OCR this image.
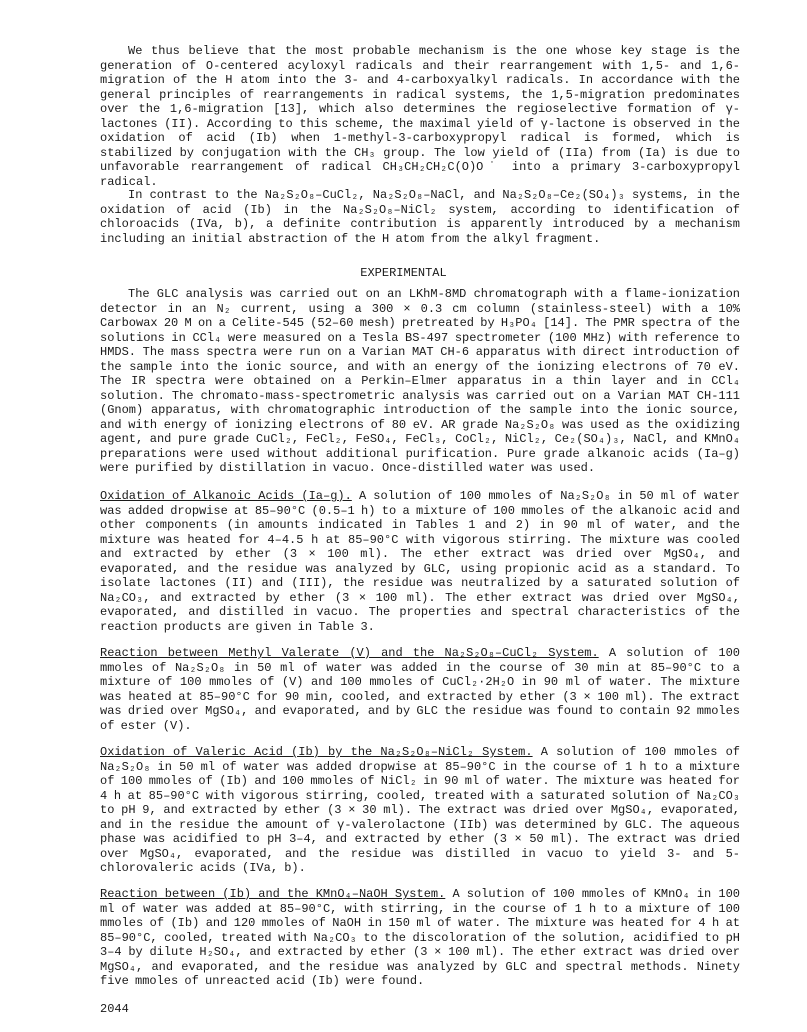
We thus believe that the most probable mechanism is the one whose key stage is the generation of O-centered acyloxyl radicals and their rearrangement with 1,5- and 1,6-migration of the H atom into the 3- and 4-carboxyalkyl radicals. In accordance with the general principles of rearrangements in radical systems, the 1,5-migration predominates over the 1,6-migration [13], which also determines the regioselective formation of γ-lactones (II). According to this scheme, the maximal yield of γ-lactone is observed in the oxidation of acid (Ib) when 1-methyl-3-carboxypropyl radical is formed, which is stabilized by conjugation with the CH₃ group. The low yield of (IIa) from (Ia) is due to unfavorable rearrangement of radical CH₃CH₂CH₂C(O)O˙ into a primary 3-carboxypropyl radical.

In contrast to the Na₂S₂O₈–CuCl₂, Na₂S₂O₈–NaCl, and Na₂S₂O₈–Ce₂(SO₄)₃ systems, in the oxidation of acid (Ib) in the Na₂S₂O₈–NiCl₂ system, according to identification of chloroacids (IVa, b), a definite contribution is apparently introduced by a mechanism including an initial abstraction of the H atom from the alkyl fragment.

EXPERIMENTAL

The GLC analysis was carried out on an LKhM-8MD chromatograph with a flame-ionization detector in an N₂ current, using a 300 × 0.3 cm column (stainless-steel) with a 10% Carbowax 20 M on a Celite-545 (52–60 mesh) pretreated by H₃PO₄ [14]. The PMR spectra of the solutions in CCl₄ were measured on a Tesla BS-497 spectrometer (100 MHz) with reference to HMDS. The mass spectra were run on a Varian MAT CH-6 apparatus with direct introduction of the sample into the ionic source, and with an energy of the ionizing electrons of 70 eV. The IR spectra were obtained on a Perkin–Elmer apparatus in a thin layer and in CCl₄ solution. The chromato-mass-spectrometric analysis was carried out on a Varian MAT CH-111 (Gnom) apparatus, with chromatographic introduction of the sample into the ionic source, and with energy of ionizing electrons of 80 eV. AR grade Na₂S₂O₈ was used as the oxidizing agent, and pure grade CuCl₂, FeCl₂, FeSO₄, FeCl₃, CoCl₂, NiCl₂, Ce₂(SO₄)₃, NaCl, and KMnO₄ preparations were used without additional purification. Pure grade alkanoic acids (Ia–g) were purified by distillation in vacuo. Once-distilled water was used.

Oxidation of Alkanoic Acids (Ia–g). A solution of 100 mmoles of Na₂S₂O₈ in 50 ml of water was added dropwise at 85–90°C (0.5–1 h) to a mixture of 100 mmoles of the alkanoic acid and other components (in amounts indicated in Tables 1 and 2) in 90 ml of water, and the mixture was heated for 4–4.5 h at 85–90°C with vigorous stirring. The mixture was cooled and extracted by ether (3 × 100 ml). The ether extract was dried over MgSO₄, and evaporated, and the residue was analyzed by GLC, using propionic acid as a standard. To isolate lactones (II) and (III), the residue was neutralized by a saturated solution of Na₂CO₃, and extracted by ether (3 × 100 ml). The ether extract was dried over MgSO₄, evaporated, and distilled in vacuo. The properties and spectral characteristics of the reaction products are given in Table 3.

Reaction between Methyl Valerate (V) and the Na₂S₂O₈–CuCl₂ System. A solution of 100 mmoles of Na₂S₂O₈ in 50 ml of water was added in the course of 30 min at 85–90°C to a mixture of 100 mmoles of (V) and 100 mmoles of CuCl₂·2H₂O in 90 ml of water. The mixture was heated at 85–90°C for 90 min, cooled, and extracted by ether (3 × 100 ml). The extract was dried over MgSO₄, and evaporated, and by GLC the residue was found to contain 92 mmoles of ester (V).

Oxidation of Valeric Acid (Ib) by the Na₂S₂O₈–NiCl₂ System. A solution of 100 mmoles of Na₂S₂O₈ in 50 ml of water was added dropwise at 85–90°C in the course of 1 h to a mixture of 100 mmoles of (Ib) and 100 mmoles of NiCl₂ in 90 ml of water. The mixture was heated for 4 h at 85–90°C with vigorous stirring, cooled, treated with a saturated solution of Na₂CO₃ to pH 9, and extracted by ether (3 × 30 ml). The extract was dried over MgSO₄, evaporated, and in the residue the amount of γ-valerolactone (IIb) was determined by GLC. The aqueous phase was acidified to pH 3–4, and extracted by ether (3 × 50 ml). The extract was dried over MgSO₄, evaporated, and the residue was distilled in vacuo to yield 3- and 5-chlorovaleric acids (IVa, b).

Reaction between (Ib) and the KMnO₄–NaOH System. A solution of 100 mmoles of KMnO₄ in 100 ml of water was added at 85–90°C, with stirring, in the course of 1 h to a mixture of 100 mmoles of (Ib) and 120 mmoles of NaOH in 150 ml of water. The mixture was heated for 4 h at 85–90°C, cooled, treated with Na₂CO₃ to the discoloration of the solution, acidified to pH 3–4 by dilute H₂SO₄, and extracted by ether (3 × 100 ml). The ether extract was dried over MgSO₄, and evaporated, and the residue was analyzed by GLC and spectral methods. Ninety five mmoles of unreacted acid (Ib) were found.

2044
